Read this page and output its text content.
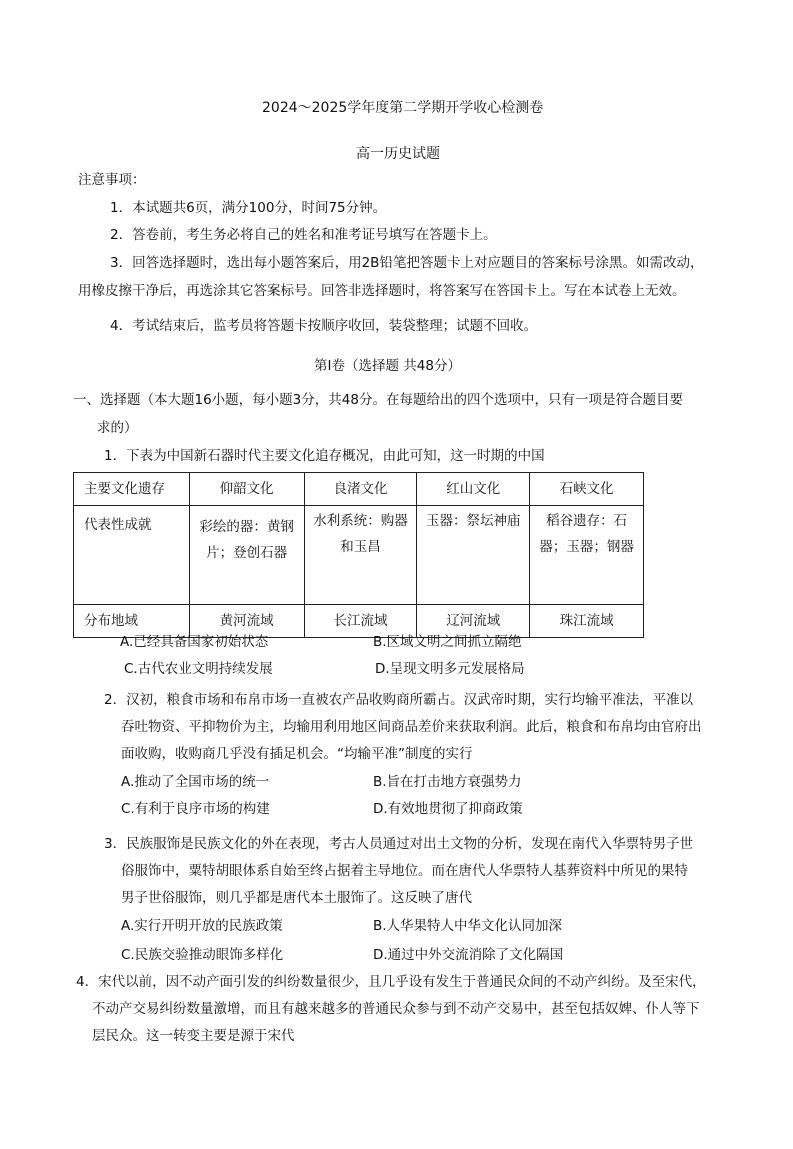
2024～2025学年度第二学期开学收心检测卷
高一历史试题
注意事项：
1．本试题共6页，满分100分，时间75分钟。
2．答卷前，考生务必将自己的姓名和准考证号填写在答题卡上。
3．回答选择题时，选出每小题答案后，用2B铅笔把答题卡上对应题目的答案标号涂黑。如需改动，
用橡皮擦干净后，再选涂其它答案标号。回答非选择题时，将答案写在答国卡上。写在本试卷上无效。
4．考试结束后，监考员将答题卡按顺序收回，装袋整理；试题不回收。
第Ⅰ卷（选择题 共48分）
一、选择题（本大题16小题，每小题3分，共48分。在每题给出的四个选项中，只有一项是符合题目要
求的）
1．下表为中国新石器时代主要文化追存概况，由此可知，这一时期的中国
主要文化遗存	仰韶文化	良渚文化	红山文化	石峡文化
代表性成就	彩绘的器：黄钢片；登创石器	水利系统：购器和玉昌	玉器：祭坛神庙	稻谷遗存：石器；玉器；钢器
分布地域	黄河流域	长江流域	辽河流域	珠江流域
A.已经具备国家初始状态	B.区域文明之间抓立隔绝
C.古代农业文明持续发展	D.呈现文明多元发展格局
2．汉初，粮食市场和布帛市场一直被农产品收购商所霸占。汉武帝时期，实行均输平准法，平准以
吞吐物资、平抑物价为主，均输用利用地区间商品差价来获取利润。此后，粮食和布帛均由官府出
面收购，收购商几乎没有插足机会。“均输平准”制度的实行
A.推动了全国市场的统一	B.旨在打击地方衰强势力
C.有利于良序市场的构建	D.有效地贯彻了抑商政策
3．民族服饰是民族文化的外在表现，考古人员通过对出土文物的分析，发现在南代入华票特男子世
俗服饰中，粟特胡眼体系自始至终占据着主导地位。而在唐代人华票特人基葬资料中所见的果特
男子世俗服饰，则几乎都是唐代本土服饰了。这反映了唐代
A.实行开明开放的民族政策	B.人华果特人中华文化认同加深
C.民族交验推动眼饰多样化	D.通过中外交流消除了文化隔国
4．宋代以前，因不动产面引发的纠纷数量很少，且几乎设有发生于普通民众间的不动产纠纷。及至宋代，
不动产交易纠纷数量激增，而且有越来越多的普通民众参与到不动产交易中，甚至包括奴婢、仆人等下
层民众。这一转变主要是源于宋代
